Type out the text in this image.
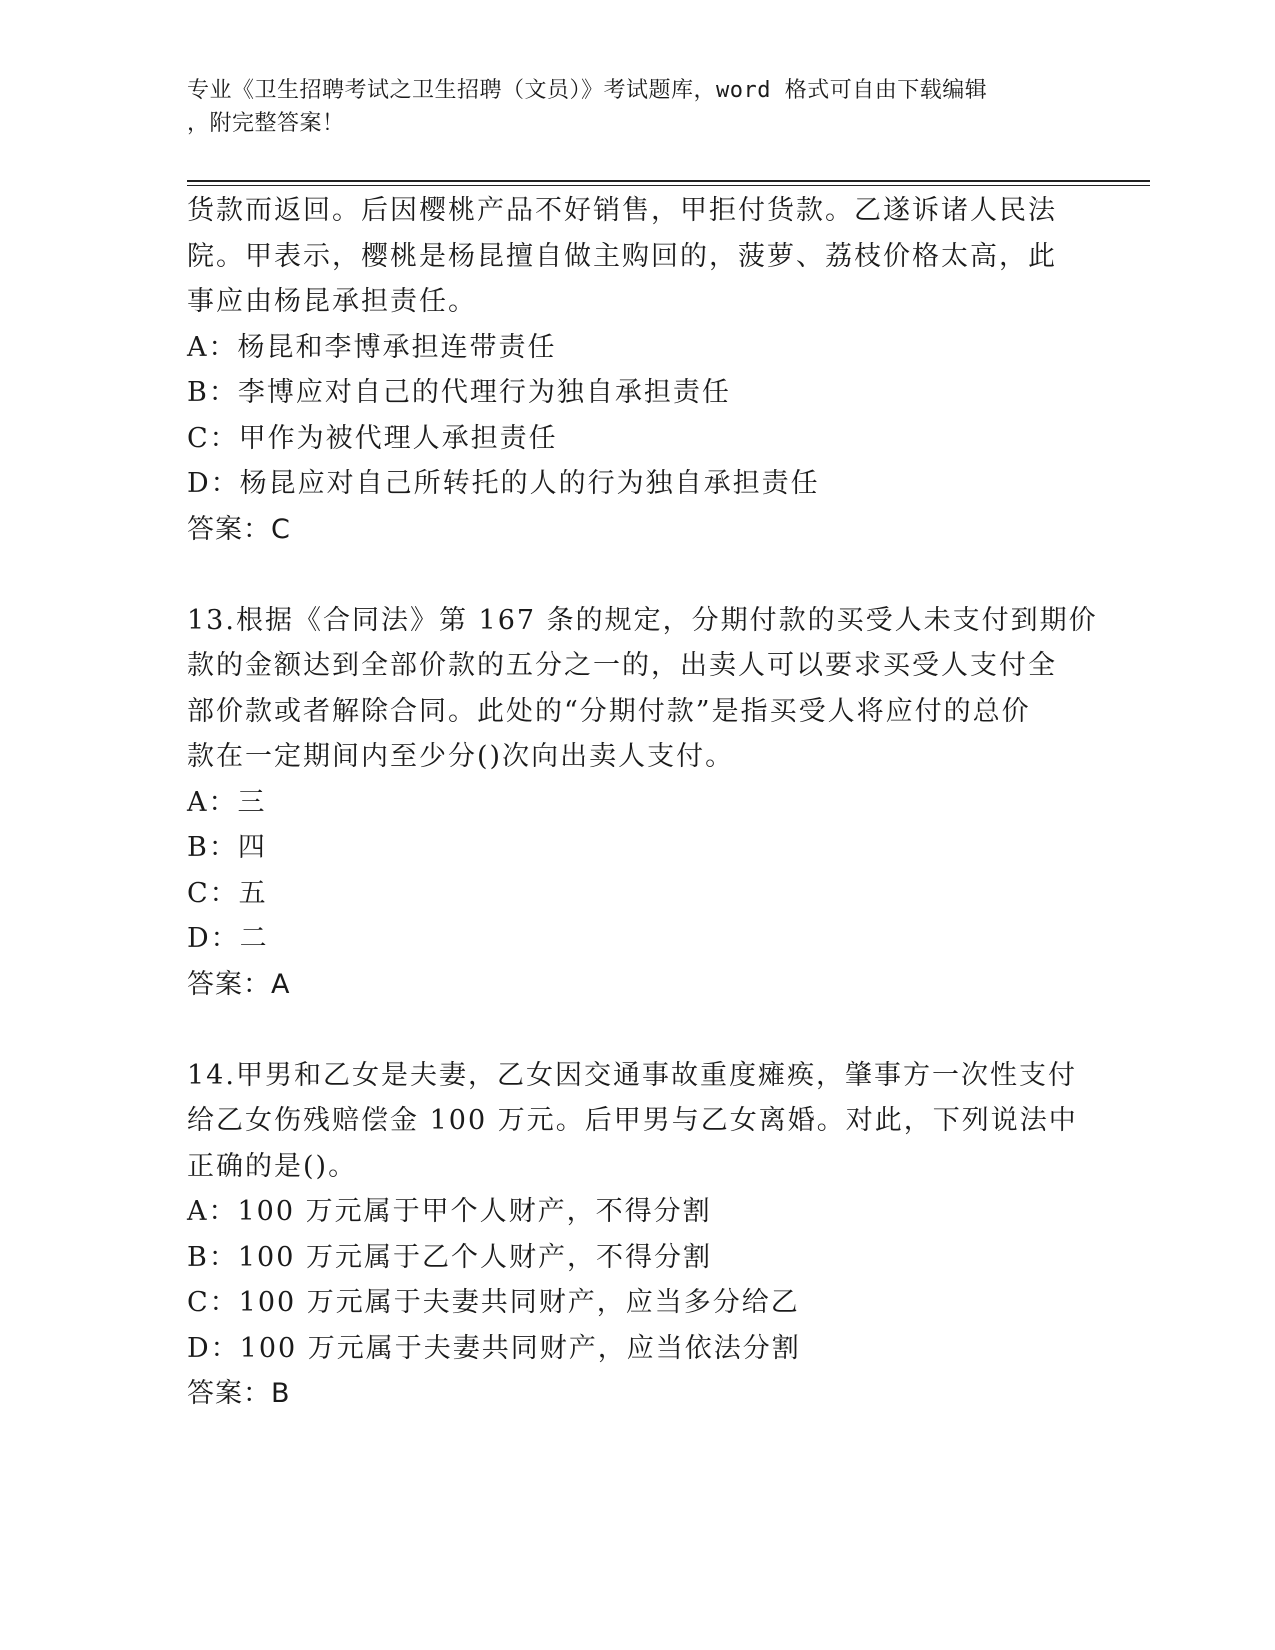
专业《卫生招聘考试之卫生招聘（文员）》考试题库，word 格式可自由下载编辑
，附完整答案！
货款而返回。后因樱桃产品不好销售，甲拒付货款。乙遂诉诸人民法
院。甲表示，樱桃是杨昆擅自做主购回的，菠萝、荔枝价格太高，此
事应由杨昆承担责任。
A：杨昆和李博承担连带责任
B：李博应对自己的代理行为独自承担责任
C：甲作为被代理人承担责任
D：杨昆应对自己所转托的人的行为独自承担责任
答案：C
13.根据《合同法》第 167 条的规定，分期付款的买受人未支付到期价
款的金额达到全部价款的五分之一的，出卖人可以要求买受人支付全
部价款或者解除合同。此处的“分期付款”是指买受人将应付的总价
款在一定期间内至少分()次向出卖人支付。
A：三
B：四
C：五
D：二
答案：A
14.甲男和乙女是夫妻，乙女因交通事故重度瘫痪，肇事方一次性支付
给乙女伤残赔偿金 100 万元。后甲男与乙女离婚。对此，下列说法中
正确的是()。
A：100 万元属于甲个人财产，不得分割
B：100 万元属于乙个人财产，不得分割
C：100 万元属于夫妻共同财产，应当多分给乙
D：100 万元属于夫妻共同财产，应当依法分割
答案：B
